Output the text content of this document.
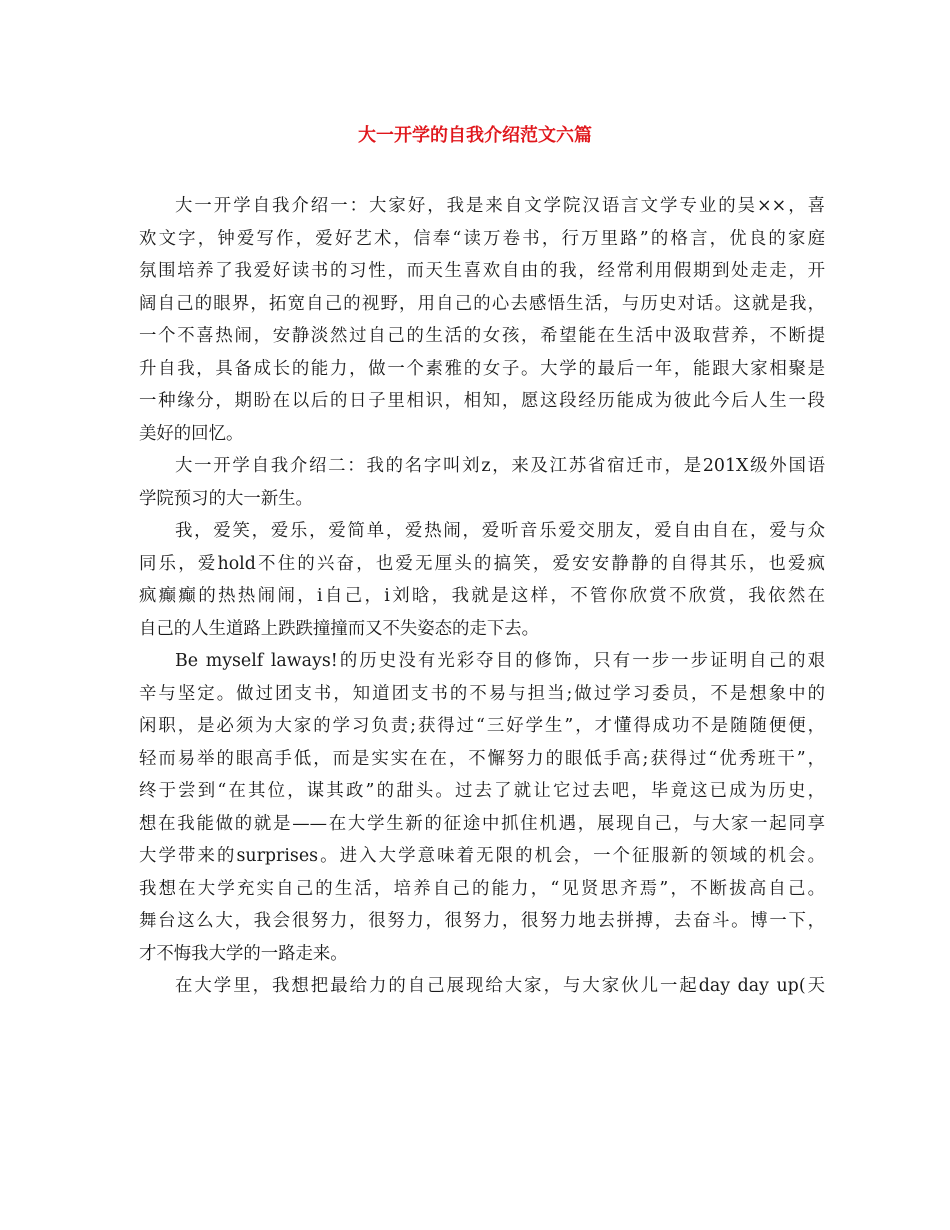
大一开学的自我介绍范文六篇
大一开学自我介绍一：大家好，我是来自文学院汉语言文学专业的吴××，喜
欢文字，钟爱写作，爱好艺术，信奉“读万卷书，行万里路”的格言，优良的家庭
氛围培养了我爱好读书的习性，而天生喜欢自由的我，经常利用假期到处走走，开
阔自己的眼界，拓宽自己的视野，用自己的心去感悟生活，与历史对话。这就是我，
一个不喜热闹，安静淡然过自己的生活的女孩，希望能在生活中汲取营养，不断提
升自我，具备成长的能力，做一个素雅的女子。大学的最后一年，能跟大家相聚是
一种缘分，期盼在以后的日子里相识，相知，愿这段经历能成为彼此今后人生一段
美好的回忆。
大一开学自我介绍二：我的名字叫刘z，来及江苏省宿迁市，是201X级外国语
学院预习的大一新生。
我，爱笑，爱乐，爱简单，爱热闹，爱听音乐爱交朋友，爱自由自在，爱与众
同乐，爱hold不住的兴奋，也爱无厘头的搞笑，爱安安静静的自得其乐，也爱疯
疯癫癫的热热闹闹，i自己，i刘晗，我就是这样，不管你欣赏不欣赏，我依然在
自己的人生道路上跌跌撞撞而又不失姿态的走下去。
Be myself laways!的历史没有光彩夺目的修饰，只有一步一步证明自己的艰
辛与坚定。做过团支书，知道团支书的不易与担当;做过学习委员，不是想象中的
闲职，是必须为大家的学习负责;获得过“三好学生”，才懂得成功不是随随便便，
轻而易举的眼高手低，而是实实在在，不懈努力的眼低手高;获得过“优秀班干”，
终于尝到“在其位，谋其政”的甜头。过去了就让它过去吧，毕竟这已成为历史，
想在我能做的就是——在大学生新的征途中抓住机遇，展现自己，与大家一起同享
大学带来的surprises。进入大学意味着无限的机会，一个征服新的领域的机会。
我想在大学充实自己的生活，培养自己的能力，“见贤思齐焉”，不断拔高自己。
舞台这么大，我会很努力，很努力，很努力，很努力地去拼搏，去奋斗。博一下，
才不悔我大学的一路走来。
在大学里，我想把最给力的自己展现给大家，与大家伙儿一起day day up(天
